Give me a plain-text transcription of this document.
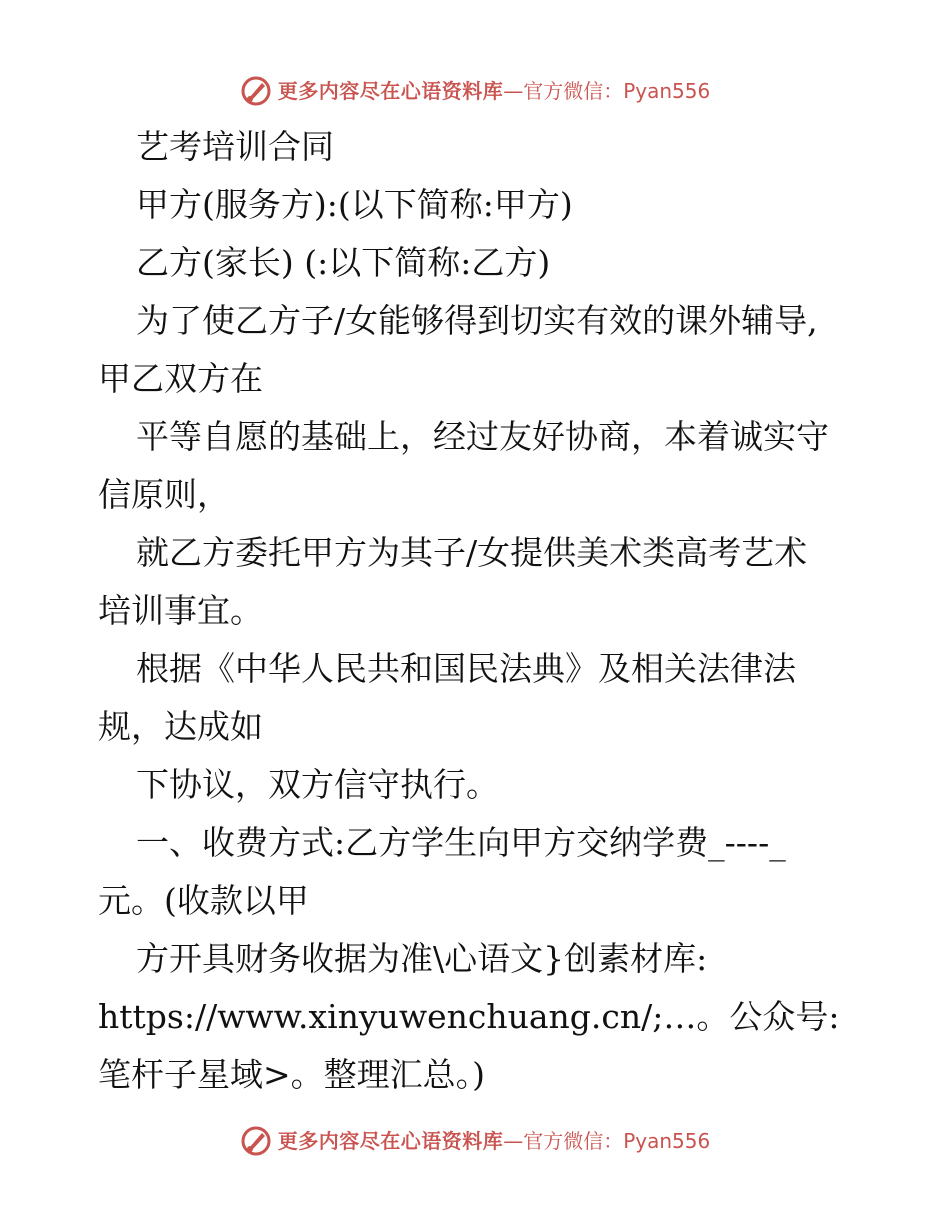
更多内容尽在心语资料库 — 官方微信：Pyan556
艺考培训合同
甲方(服务方):(以下简称:甲方)
乙方(家长) (:以下简称:乙方)
为了使乙方子/女能够得到切实有效的课外辅导,
甲乙双方在
平等自愿的基础上，经过友好协商，本着诚实守
信原则，
就乙方委托甲方为其子/女提供美术类高考艺术
培训事宜。
根据《中华人民共和国民法典》及相关法律法
规，达成如
下协议，双方信守执行。
一、收费方式:乙方学生向甲方交纳学费_----_
元。(收款以甲
方开具财务收据为准\心语文}创素材库:
https://www.xinyuwenchuang.cn/;…。公众号:
笔杆子星域>。整理汇总。)
更多内容尽在心语资料库 — 官方微信：Pyan556
